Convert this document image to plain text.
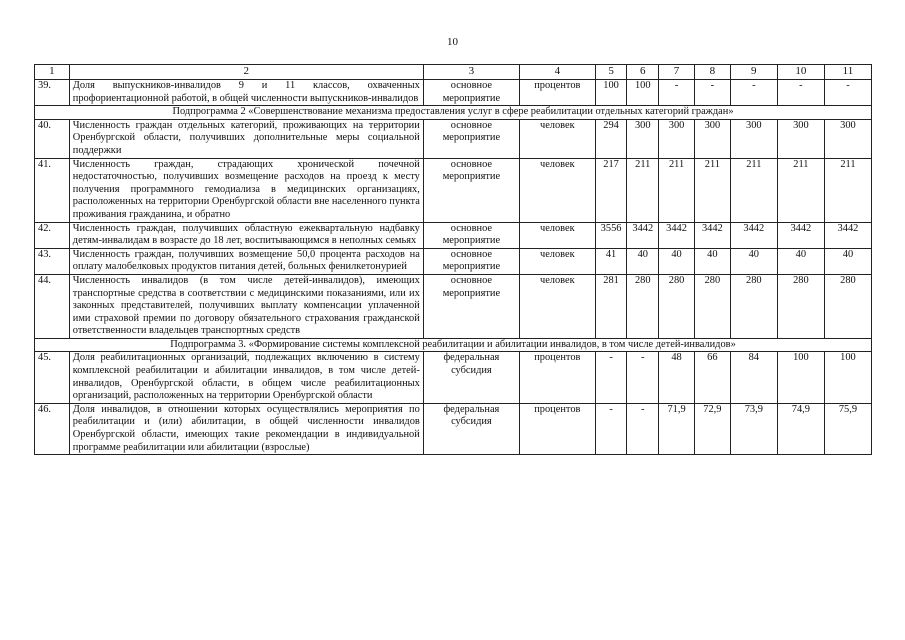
10
1	2	3	4	5	6	7	8	9	10	11
39.	Доля выпускников-инвалидов 9 и 11 классов, охваченных профориентационной работой, в общей численности выпускников-инвалидов	основное мероприятие	процентов	100	100	-	-	-	-	-
Подпрограмма 2 «Совершенствование механизма предоставления услуг в сфере реабилитации отдельных категорий граждан»										
40.	Численность граждан отдельных категорий, проживающих на территории Оренбургской области, получивших дополнительные меры социальной поддержки	основное мероприятие	человек	294	300	300	300	300	300	300
41.	Численность граждан, страдающих хронической почечной недостаточностью, получивших возмещение расходов на проезд к месту получения программного гемодиализа в медицинских организациях, расположенных на территории Оренбургской области вне населенного пункта проживания гражданина, и обратно	основное мероприятие	человек	217	211	211	211	211	211	211
42.	Численность граждан, получивших областную ежеквартальную надбавку детям-инвалидам в возрасте до 18 лет, воспитывающимся в неполных семьях	основное мероприятие	человек	3556	3442	3442	3442	3442	3442	3442
43.	Численность граждан, получивших возмещение 50,0 процента расходов на оплату малобелковых продуктов питания детей, больных фенилкетонурией	основное мероприятие	человек	41	40	40	40	40	40	40
44.	Численность инвалидов (в том числе детей-инвалидов), имеющих транспортные средства в соответствии с медицинскими показаниями, или их законных представителей, получивших выплату компенсации уплаченной ими страховой премии по договору обязательного страхования гражданской ответственности владельцев транспортных средств	основное мероприятие	человек	281	280	280	280	280	280	280
Подпрограмма 3. «Формирование системы комплексной реабилитации и абилитации инвалидов, в том числе детей-инвалидов»										
45.	Доля реабилитационных организаций, подлежащих включению в систему комплексной реабилитации и абилитации инвалидов, в том числе детей-инвалидов, Оренбургской области, в общем числе реабилитационных организаций, расположенных на территории Оренбургской области	федеральная субсидия	процентов	-	-	48	66	84	100	100
46.	Доля инвалидов, в отношении которых осуществлялись мероприятия по реабилитации и (или) абилитации, в общей численности инвалидов Оренбургской области, имеющих такие рекомендации в индивидуальной программе реабилитации или абилитации (взрослые)	федеральная субсидия	процентов	-	-	71,9	72,9	73,9	74,9	75,9
